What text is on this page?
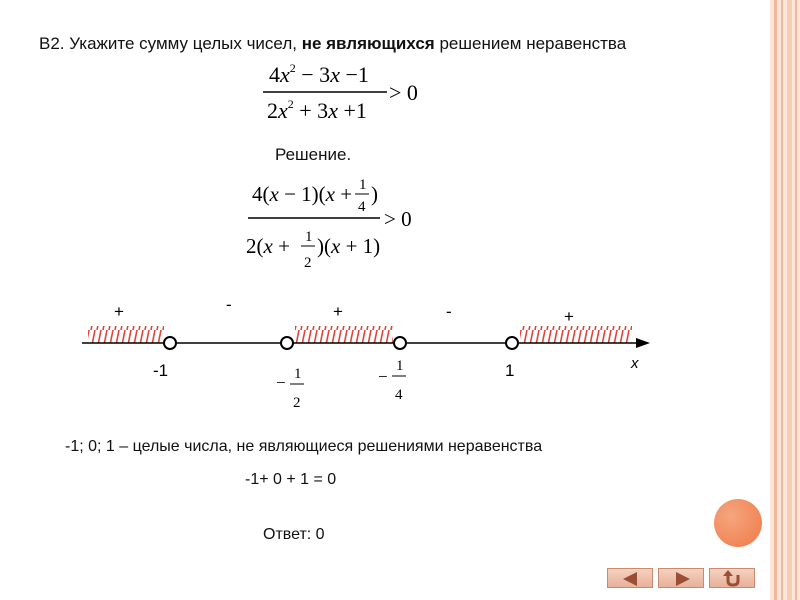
В2. Укажите сумму целых чисел, не являющихся решением неравенства
$4x^2 - 3x -1$
$2x^2 + 3x +1$
> 0
Решение.
4(x − 1)(x + 1
4
)
2(x + 1
2
)(x + 1)
> 0
x
+	-	+	-	+
-1
− 1
2
−
1
4
1
-1; 0; 1 – целые числа, не являющиеся решениями неравенства
-1+ 0 + 1 = 0
Ответ: 0
